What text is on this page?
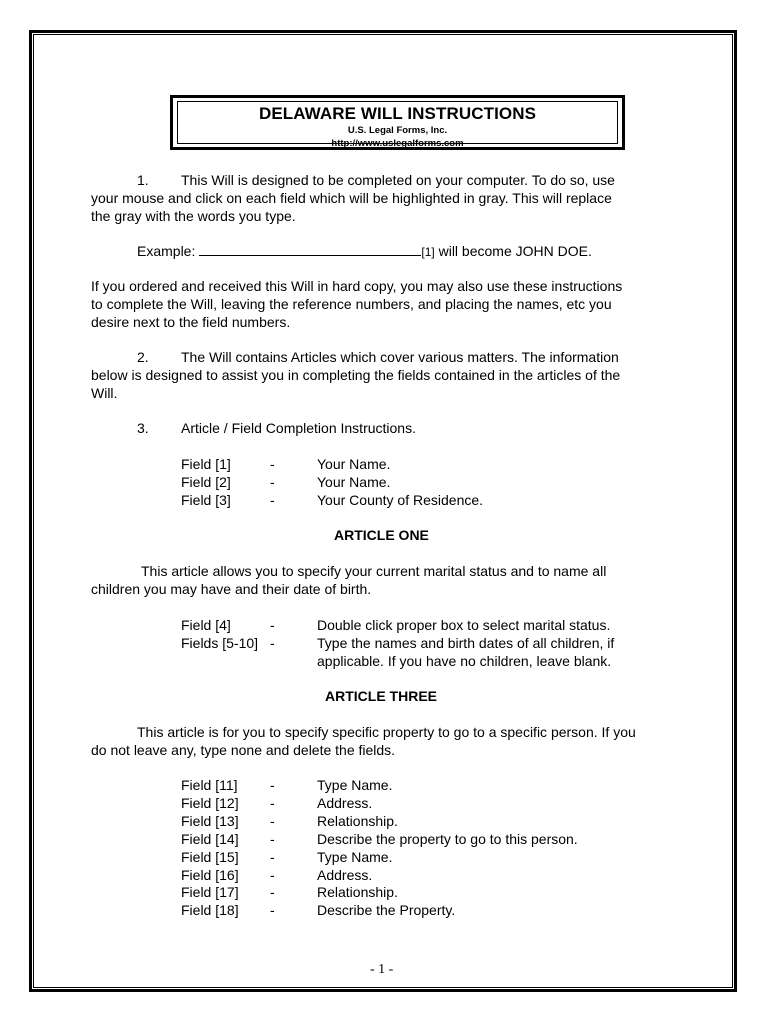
DELAWARE WILL INSTRUCTIONS
U.S. Legal Forms, Inc.
http://www.uslegalforms.com
1. This Will is designed to be completed on your computer. To do so, use
your mouse and click on each field which will be highlighted in gray. This will replace
the gray with the words you type.
Example:	[1] will become JOHN DOE.
If you ordered and received this Will in hard copy, you may also use these instructions
to complete the Will, leaving the reference numbers, and placing the names, etc you
desire next to the field numbers.
2. The Will contains Articles which cover various matters. The information
below is designed to assist you in completing the fields contained in the articles of the
Will.
3. Article / Field Completion Instructions.
Field [1]	-	Your Name.
Field [2]	-	Your Name.
Field [3]	-	Your County of Residence.
ARTICLE ONE
This article allows you to specify your current marital status and to name all
children you may have and their date of birth.
Field [4]	-	Double click proper box to select marital status.
Fields [5-10] -	Type the names and birth dates of all children, if
applicable. If you have no children, leave blank.
ARTICLE THREE
This article is for you to specify specific property to go to a specific person. If you
do not leave any, type none and delete the fields.
Field [11] -	Type Name.
Field [12] -	Address.
Field [13] -	Relationship.
Field [14] -	Describe the property to go to this person.
Field [15] -	Type Name.
Field [16] -	Address.
Field [17] -	Relationship.
Field [18] -	Describe the Property.
- 1 -
